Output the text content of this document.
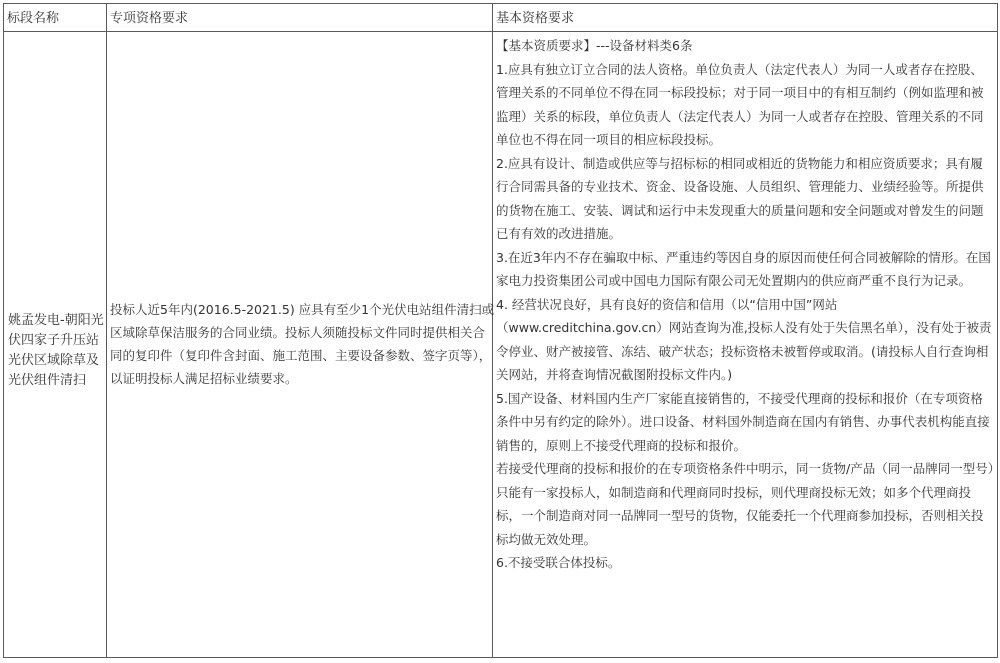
标段名称	专项资格要求	基本资格要求
姚孟发电-朝阳光伏四家子升压站光伏区域除草及光伏组件清扫
投标人近5年内(2016.5-2021.5) 应具有至少1个光伏电站组件清扫或区域除草保洁服务的合同业绩。投标人须随投标文件同时提供相关合同的复印件（复印件含封面、施工范围、主要设备参数、签字页等），以证明投标人满足招标业绩要求。

【基本资质要求】---设备材料类6条

1.应具有独立订立合同的法人资格。单位负责人（法定代表人）为同一人或者存在控股、管理关系的不同单位不得在同一标段投标；对于同一项目中的有相互制约（例如监理和被监理）关系的标段，单位负责人（法定代表人）为同一人或者存在控股、管理关系的不同单位也不得在同一项目的相应标段投标。

2.应具有设计、制造或供应等与招标标的相同或相近的货物能力和相应资质要求；具有履行合同需具备的专业技术、资金、设备设施、人员组织、管理能力、业绩经验等。所提供的货物在施工、安装、调试和运行中未发现重大的质量问题和安全问题或对曾发生的问题已有有效的改进措施。

3.在近3年内不存在骗取中标、严重违约等因自身的原因而使任何合同被解除的情形。在国家电力投资集团公司或中国电力国际有限公司无处置期内的供应商严重不良行为记录。

4. 经营状况良好，具有良好的资信和信用（以“信用中国”网站（www.creditchina.gov.cn）网站查询为准,投标人没有处于失信黑名单），没有处于被责令停业、财产被接管、冻结、破产状态；投标资格未被暂停或取消。(请投标人自行查询相关网站，并将查询情况截图附投标文件内。)

5.国产设备、材料国内生产厂家能直接销售的，不接受代理商的投标和报价（在专项资格条件中另有约定的除外）。进口设备、材料国外制造商在国内有销售、办事代表机构能直接销售的，原则上不接受代理商的投标和报价。

若接受代理商的投标和报价的在专项资格条件中明示，同一货物/产品（同一品牌同一型号）只能有一家投标人，如制造商和代理商同时投标，则代理商投标无效；如多个代理商投标，一个制造商对同一品牌同一型号的货物，仅能委托一个代理商参加投标，否则相关投标均做无效处理。

6.不接受联合体投标。
